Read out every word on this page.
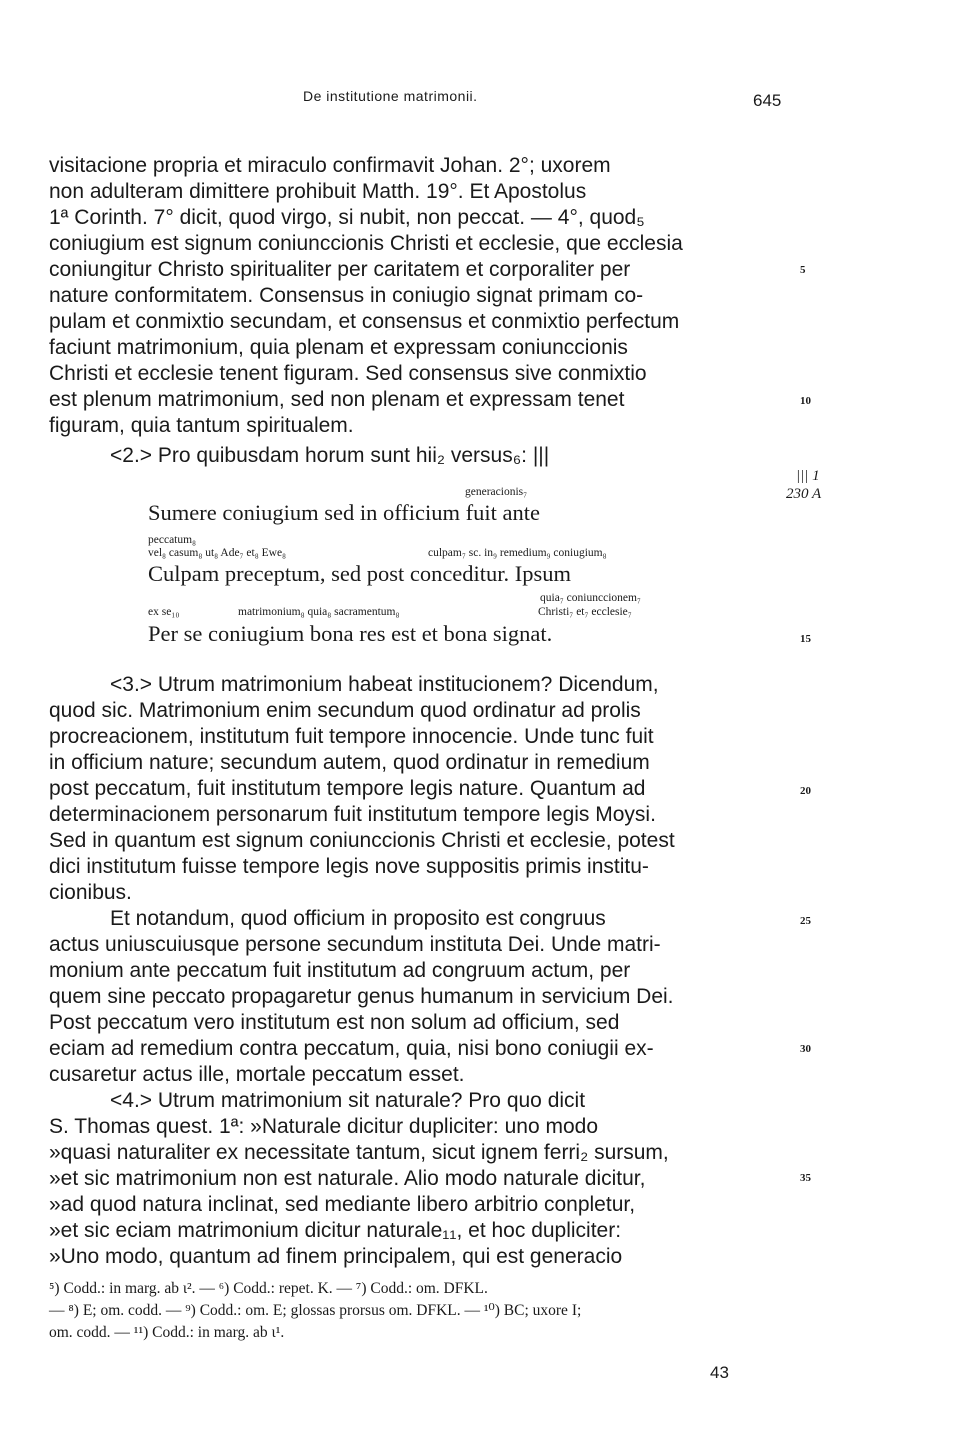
De institutione matrimonii.	645
visitacione propria et miraculo confirmavit Johan. 2°; uxorem
non adulteram dimittere prohibuit Matth. 19°. Et Apostolus
1ª Corinth. 7° dicit, quod virgo, si nubit, non peccat. — 4°, quod₅
coniugium est signum coniunccionis Christi et ecclesie, que ecclesia
coniungitur Christo spiritualiter per caritatem et corporaliter per
nature conformitatem. Consensus in coniugio signat primam co-
pulam et conmixtio secundam, et consensus et conmixtio perfectum
faciunt matrimonium, quia plenam et expressam coniunccionis
Christi et ecclesie tenent figuram. Sed consensus sive conmixtio
est plenum matrimonium, sed non plenam et expressam tenet
figuram, quia tantum spiritualem.
<2.> Pro quibusdam horum sunt hii₂ versus₆: |||
generacionis₇
Sumere coniugium sed in officium fuit ante
peccatum₈
vel₈ casum₈ ut₈ Ade₇ et₈ Ewe₈	culpam₇ sc. in₉ remedium₉ coniugium₈
Culpam preceptum, sed post conceditur. Ipsum
quia₇ coniunccionem₇
ex se₁₀	matrimonium₈ quia₈ sacramentum₈	Christi₇ et₇ ecclesie₇
Per se coniugium bona res est et bona signat.
<3.> Utrum matrimonium habeat institucionem? Dicendum,
quod sic. Matrimonium enim secundum quod ordinatur ad prolis
procreacionem, institutum fuit tempore innocencie. Unde tunc fuit
in officium nature; secundum autem, quod ordinatur in remedium
post peccatum, fuit institutum tempore legis nature. Quantum ad
determinacionem personarum fuit institutum tempore legis Moysi.
Sed in quantum est signum coniunccionis Christi et ecclesie, potest
dici institutum fuisse tempore legis nove suppositis primis institu-
cionibus.
Et notandum, quod officium in proposito est congruus
actus uniuscuiusque persone secundum instituta Dei. Unde matri-
monium ante peccatum fuit institutum ad congruum actum, per
quem sine peccato propagaretur genus humanum in servicium Dei.
Post peccatum vero institutum est non solum ad officium, sed
eciam ad remedium contra peccatum, quia, nisi bono coniugii ex-
cusaretur actus ille, mortale peccatum esset.
<4.> Utrum matrimonium sit naturale? Pro quo dicit
S. Thomas quest. 1ª: »Naturale dicitur dupliciter: uno modo
»quasi naturaliter ex necessitate tantum, sicut ignem ferri₂ sursum,
»et sic matrimonium non est naturale. Alio modo naturale dicitur,
»ad quod natura inclinat, sed mediante libero arbitrio conpletur,
»et sic eciam matrimonium dicitur naturale₁₁, et hoc dupliciter:
»Uno modo, quantum ad finem principalem, qui est generacio
||| 1
230 A
5
10
15
20
25
30
35
⁵) Codd.: in marg. ab ι². — ⁶) Codd.: repet. K. — ⁷) Codd.: om. DFKL.
— ⁸) E; om. codd. — ⁹) Codd.: om. E; glossas prorsus om. DFKL. — ¹⁰) BC; uxore I;
om. codd. — ¹¹) Codd.: in marg. ab ι¹.
43
